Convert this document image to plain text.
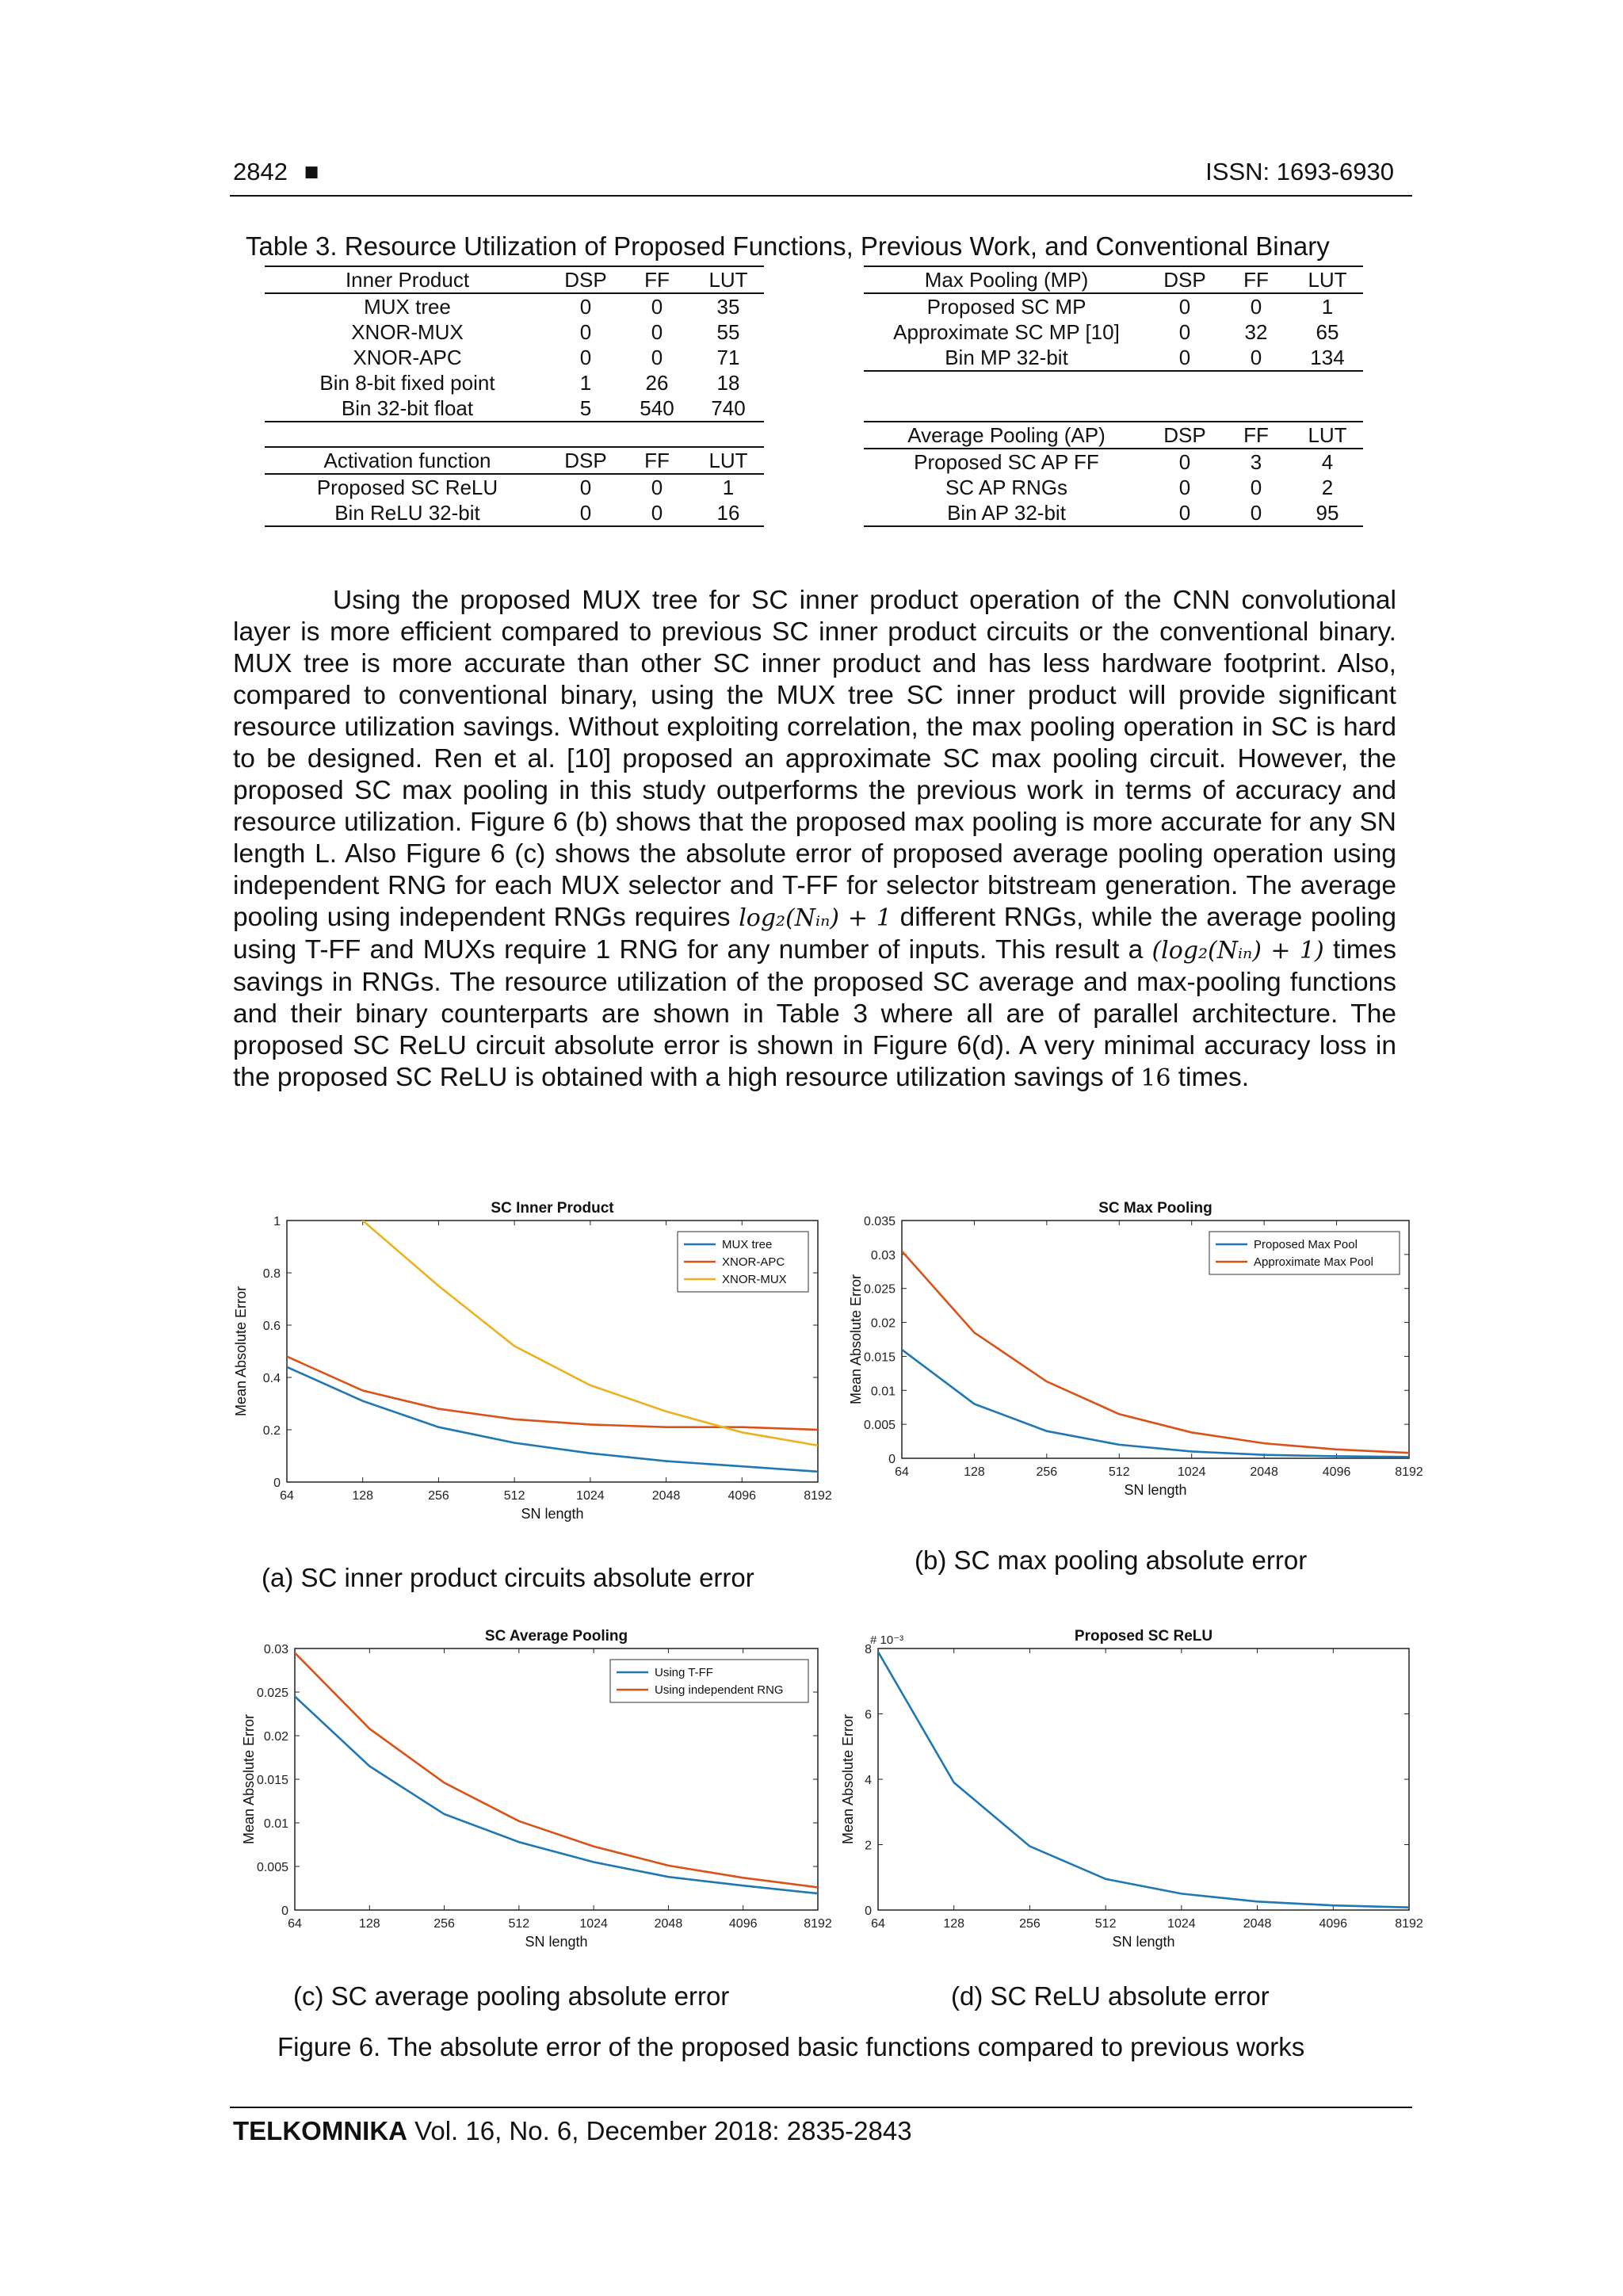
2842 ■	ISSN: 1693-6930
Table 3. Resource Utilization of Proposed Functions, Previous Work, and Conventional Binary
Inner Product	DSP	FF	LUT
MUX tree	0	0	35
XNOR-MUX	0	0	55
XNOR-APC	0	0	71
Bin 8-bit fixed point	1	26	18
Bin 32-bit float	5	540	740
Activation function	DSP	FF	LUT
Proposed SC ReLU	0	0	1
Bin ReLU 32-bit	0	0	16
Max Pooling (MP)	DSP	FF	LUT
Proposed SC MP	0	0	1
Approximate SC MP [10]	0	32	65
Bin MP 32-bit	0	0	134
Average Pooling (AP)	DSP	FF	LUT
Proposed SC AP FF	0	3	4
SC AP RNGs	0	0	2
Bin AP 32-bit	0	0	95

Using the proposed MUX tree for SC inner product operation of the CNN convolutional layer is more efficient compared to previous SC inner product circuits or the conventional binary. MUX tree is more accurate than other SC inner product and has less hardware footprint. Also, compared to conventional binary, using the MUX tree SC inner product will provide significant resource utilization savings. Without exploiting correlation, the max pooling operation in SC is hard to be designed. Ren et al. [10] proposed an approximate SC max pooling circuit. However, the proposed SC max pooling in this study outperforms the previous work in terms of accuracy and resource utilization. Figure 6 (b) shows that the proposed max pooling is more accurate for any SN length L. Also Figure 6 (c) shows the absolute error of proposed average pooling operation using independent RNG for each MUX selector and T-FF for selector bitstream generation. The average pooling using independent RNGs requires log₂(Nᵢₙ) + 1 different RNGs, while the average pooling using T-FF and MUXs require 1 RNG for any number of inputs. This result a (log₂(Nᵢₙ) + 1) times savings in RNGs. The resource utilization of the proposed SC average and max-pooling functions and their binary counterparts are shown in Table 3 where all are of parallel architecture. The proposed SC ReLU circuit absolute error is shown in Figure 6(d). A very minimal accuracy loss in the proposed SC ReLU is obtained with a high resource utilization savings of 16 times.

SC Inner Product
0
0.2
0.4
0.6
0.8
1
64	128	256	512	1024	2048	4096	8192
SN length
Mean Absolute Error
MUX tree
XNOR-APC
XNOR-MUX
SC Max Pooling
0
0.005
0.01
0.015
0.02
0.025
0.03
0.035
64	128	256	512	1024	2048	4096	8192
SN length
Mean Absolute Error
Proposed Max Pool
Approximate Max Pool
SC Average Pooling
0
0.005
0.01
0.015
0.02
0.025
0.03
64	128	256	512	1024	2048	4096	8192
SN length
Mean Absolute Error
Using T-FF
Using independent RNG
Proposed SC ReLU
0
2
4
6
8
# 10⁻³
64	128	256	512	1024	2048	4096	8192
SN length
Mean Absolute Error
(a) SC inner product circuits absolute error
(b) SC max pooling absolute error
(c) SC average pooling absolute error	(d) SC ReLU absolute error
Figure 6. The absolute error of the proposed basic functions compared to previous works
TELKOMNIKA Vol. 16, No. 6, December 2018: 2835-2843
